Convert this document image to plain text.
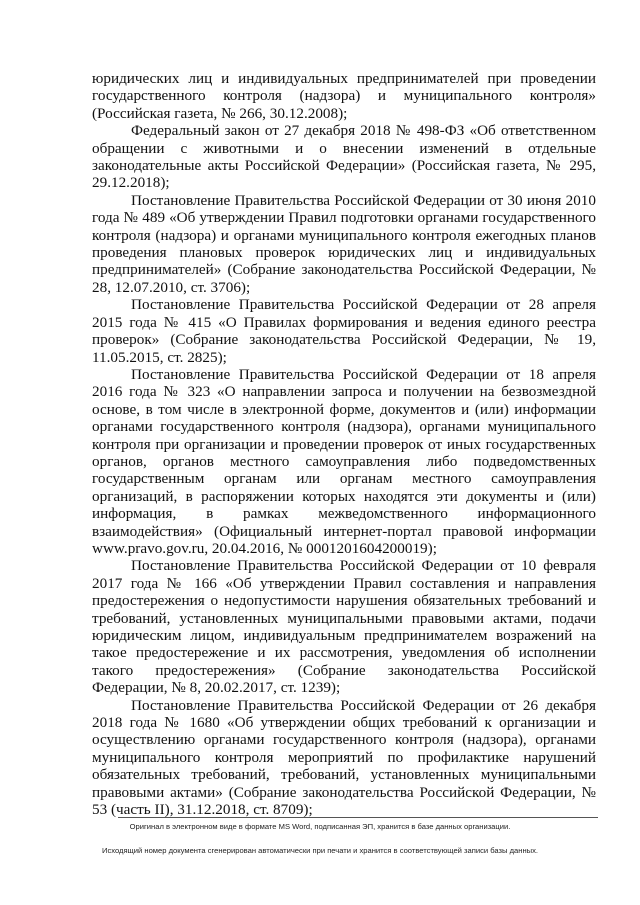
юридических лиц и индивидуальных предпринимателей при проведении государственного контроля (надзора) и муниципального контроля» (Российская газета, № 266, 30.12.2008);

Федеральный закон от 27 декабря 2018 № 498-ФЗ «Об ответственном обращении с животными и о внесении изменений в отдельные законодательные акты Российской Федерации» (Российская газета, № 295, 29.12.2018);

Постановление Правительства Российской Федерации от 30 июня 2010 года № 489 «Об утверждении Правил подготовки органами государственного контроля (надзора) и органами муниципального контроля ежегодных планов проведения плановых проверок юридических лиц и индивидуальных предпринимателей» (Собрание законодательства Российской Федерации, № 28, 12.07.2010, ст. 3706);

Постановление Правительства Российской Федерации от 28 апреля 2015 года № 415 «О Правилах формирования и ведения единого реестра проверок» (Собрание законодательства Российской Федерации, № 19, 11.05.2015, ст. 2825);

Постановление Правительства Российской Федерации от 18 апреля 2016 года № 323 «О направлении запроса и получении на безвозмездной основе, в том числе в электронной форме, документов и (или) информации органами государственного контроля (надзора), органами муниципального контроля при организации и проведении проверок от иных государственных органов, органов местного самоуправления либо подведомственных государственным органам или органам местного самоуправления организаций, в распоряжении которых находятся эти документы и (или) информация, в рамках межведомственного информационного взаимодействия» (Официальный интернет-портал правовой информации www.pravo.gov.ru, 20.04.2016, № 0001201604200019);

Постановление Правительства Российской Федерации от 10 февраля 2017 года № 166 «Об утверждении Правил составления и направления предостережения о недопустимости нарушения обязательных требований и требований, установленных муниципальными правовыми актами, подачи юридическим лицом, индивидуальным предпринимателем возражений на такое предостережение и их рассмотрения, уведомления об исполнении такого предостережения» (Собрание законодательства Российской Федерации, № 8, 20.02.2017, ст. 1239);

Постановление Правительства Российской Федерации от 26 декабря 2018 года № 1680 «Об утверждении общих требований к организации и осуществлению органами государственного контроля (надзора), органами муниципального контроля мероприятий по профилактике нарушений обязательных требований, требований, установленных муниципальными правовыми актами» (Собрание законодательства Российской Федерации, № 53 (часть II), 31.12.2018, ст. 8709);

Оригинал в электронном виде в формате MS Word, подписанная ЭП, хранится в базе данных организации.
Исходящий номер документа сгенерирован автоматически при печати и хранится в соответствующей записи базы данных.
